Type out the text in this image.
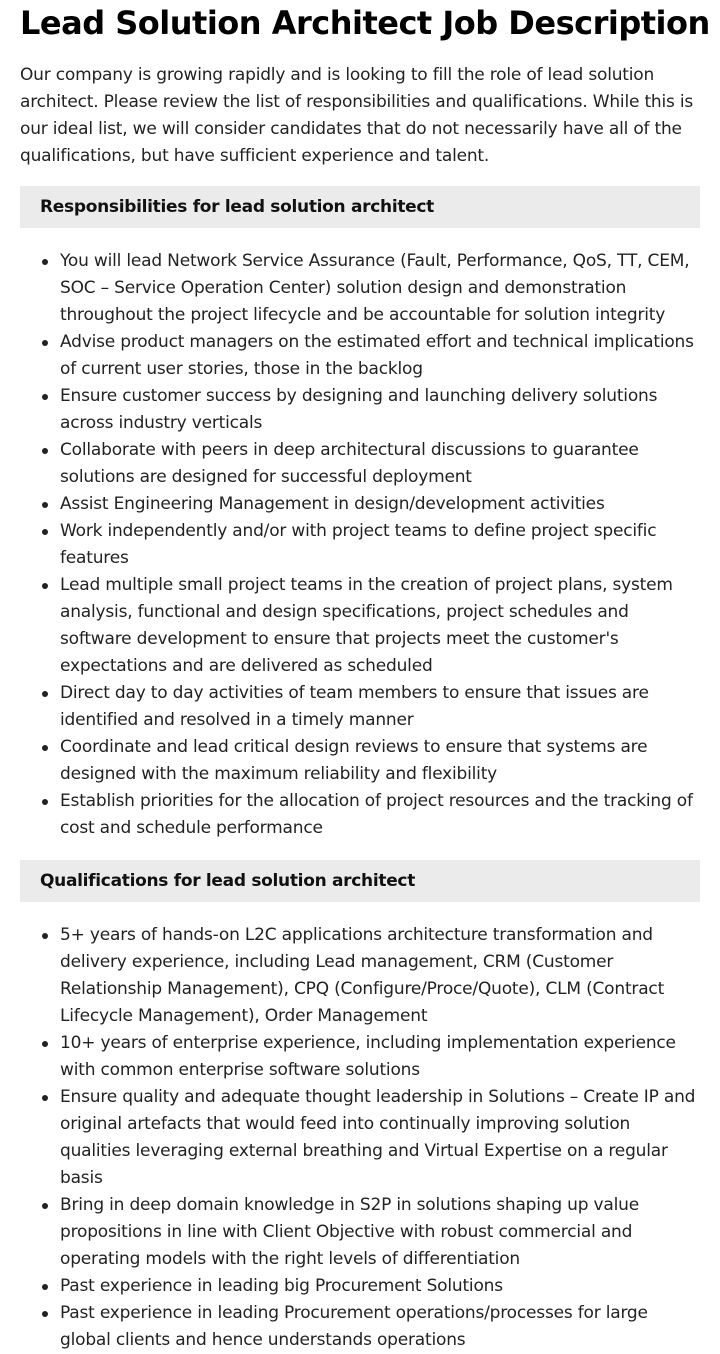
Lead Solution Architect Job Description

Our company is growing rapidly and is looking to fill the role of lead solution architect. Please review the list of responsibilities and qualifications. While this is our ideal list, we will consider candidates that do not necessarily have all of the qualifications, but have sufficient experience and talent.

Responsibilities for lead solution architect
You will lead Network Service Assurance (Fault, Performance, QoS, TT, CEM, SOC – Service Operation Center) solution design and demonstration throughout the project lifecycle and be accountable for solution integrity
Advise product managers on the estimated effort and technical implications of current user stories, those in the backlog
Ensure customer success by designing and launching delivery solutions across industry verticals
Collaborate with peers in deep architectural discussions to guarantee solutions are designed for successful deployment
Assist Engineering Management in design/development activities
Work independently and/or with project teams to define project specific features
Lead multiple small project teams in the creation of project plans, system analysis, functional and design specifications, project schedules and software development to ensure that projects meet the customer's expectations and are delivered as scheduled
Direct day to day activities of team members to ensure that issues are identified and resolved in a timely manner
Coordinate and lead critical design reviews to ensure that systems are designed with the maximum reliability and flexibility
Establish priorities for the allocation of project resources and the tracking of cost and schedule performance
Qualifications for lead solution architect
5+ years of hands-on L2C applications architecture transformation and delivery experience, including Lead management, CRM (Customer Relationship Management), CPQ (Configure/Proce/Quote), CLM (Contract Lifecycle Management), Order Management
10+ years of enterprise experience, including implementation experience with common enterprise software solutions
Ensure quality and adequate thought leadership in Solutions – Create IP and original artefacts that would feed into continually improving solution qualities leveraging external breathing and Virtual Expertise on a regular basis
Bring in deep domain knowledge in S2P in solutions shaping up value propositions in line with Client Objective with robust commercial and operating models with the right levels of differentiation
Past experience in leading big Procurement Solutions
Past experience in leading Procurement operations/processes for large global clients and hence understands operations
